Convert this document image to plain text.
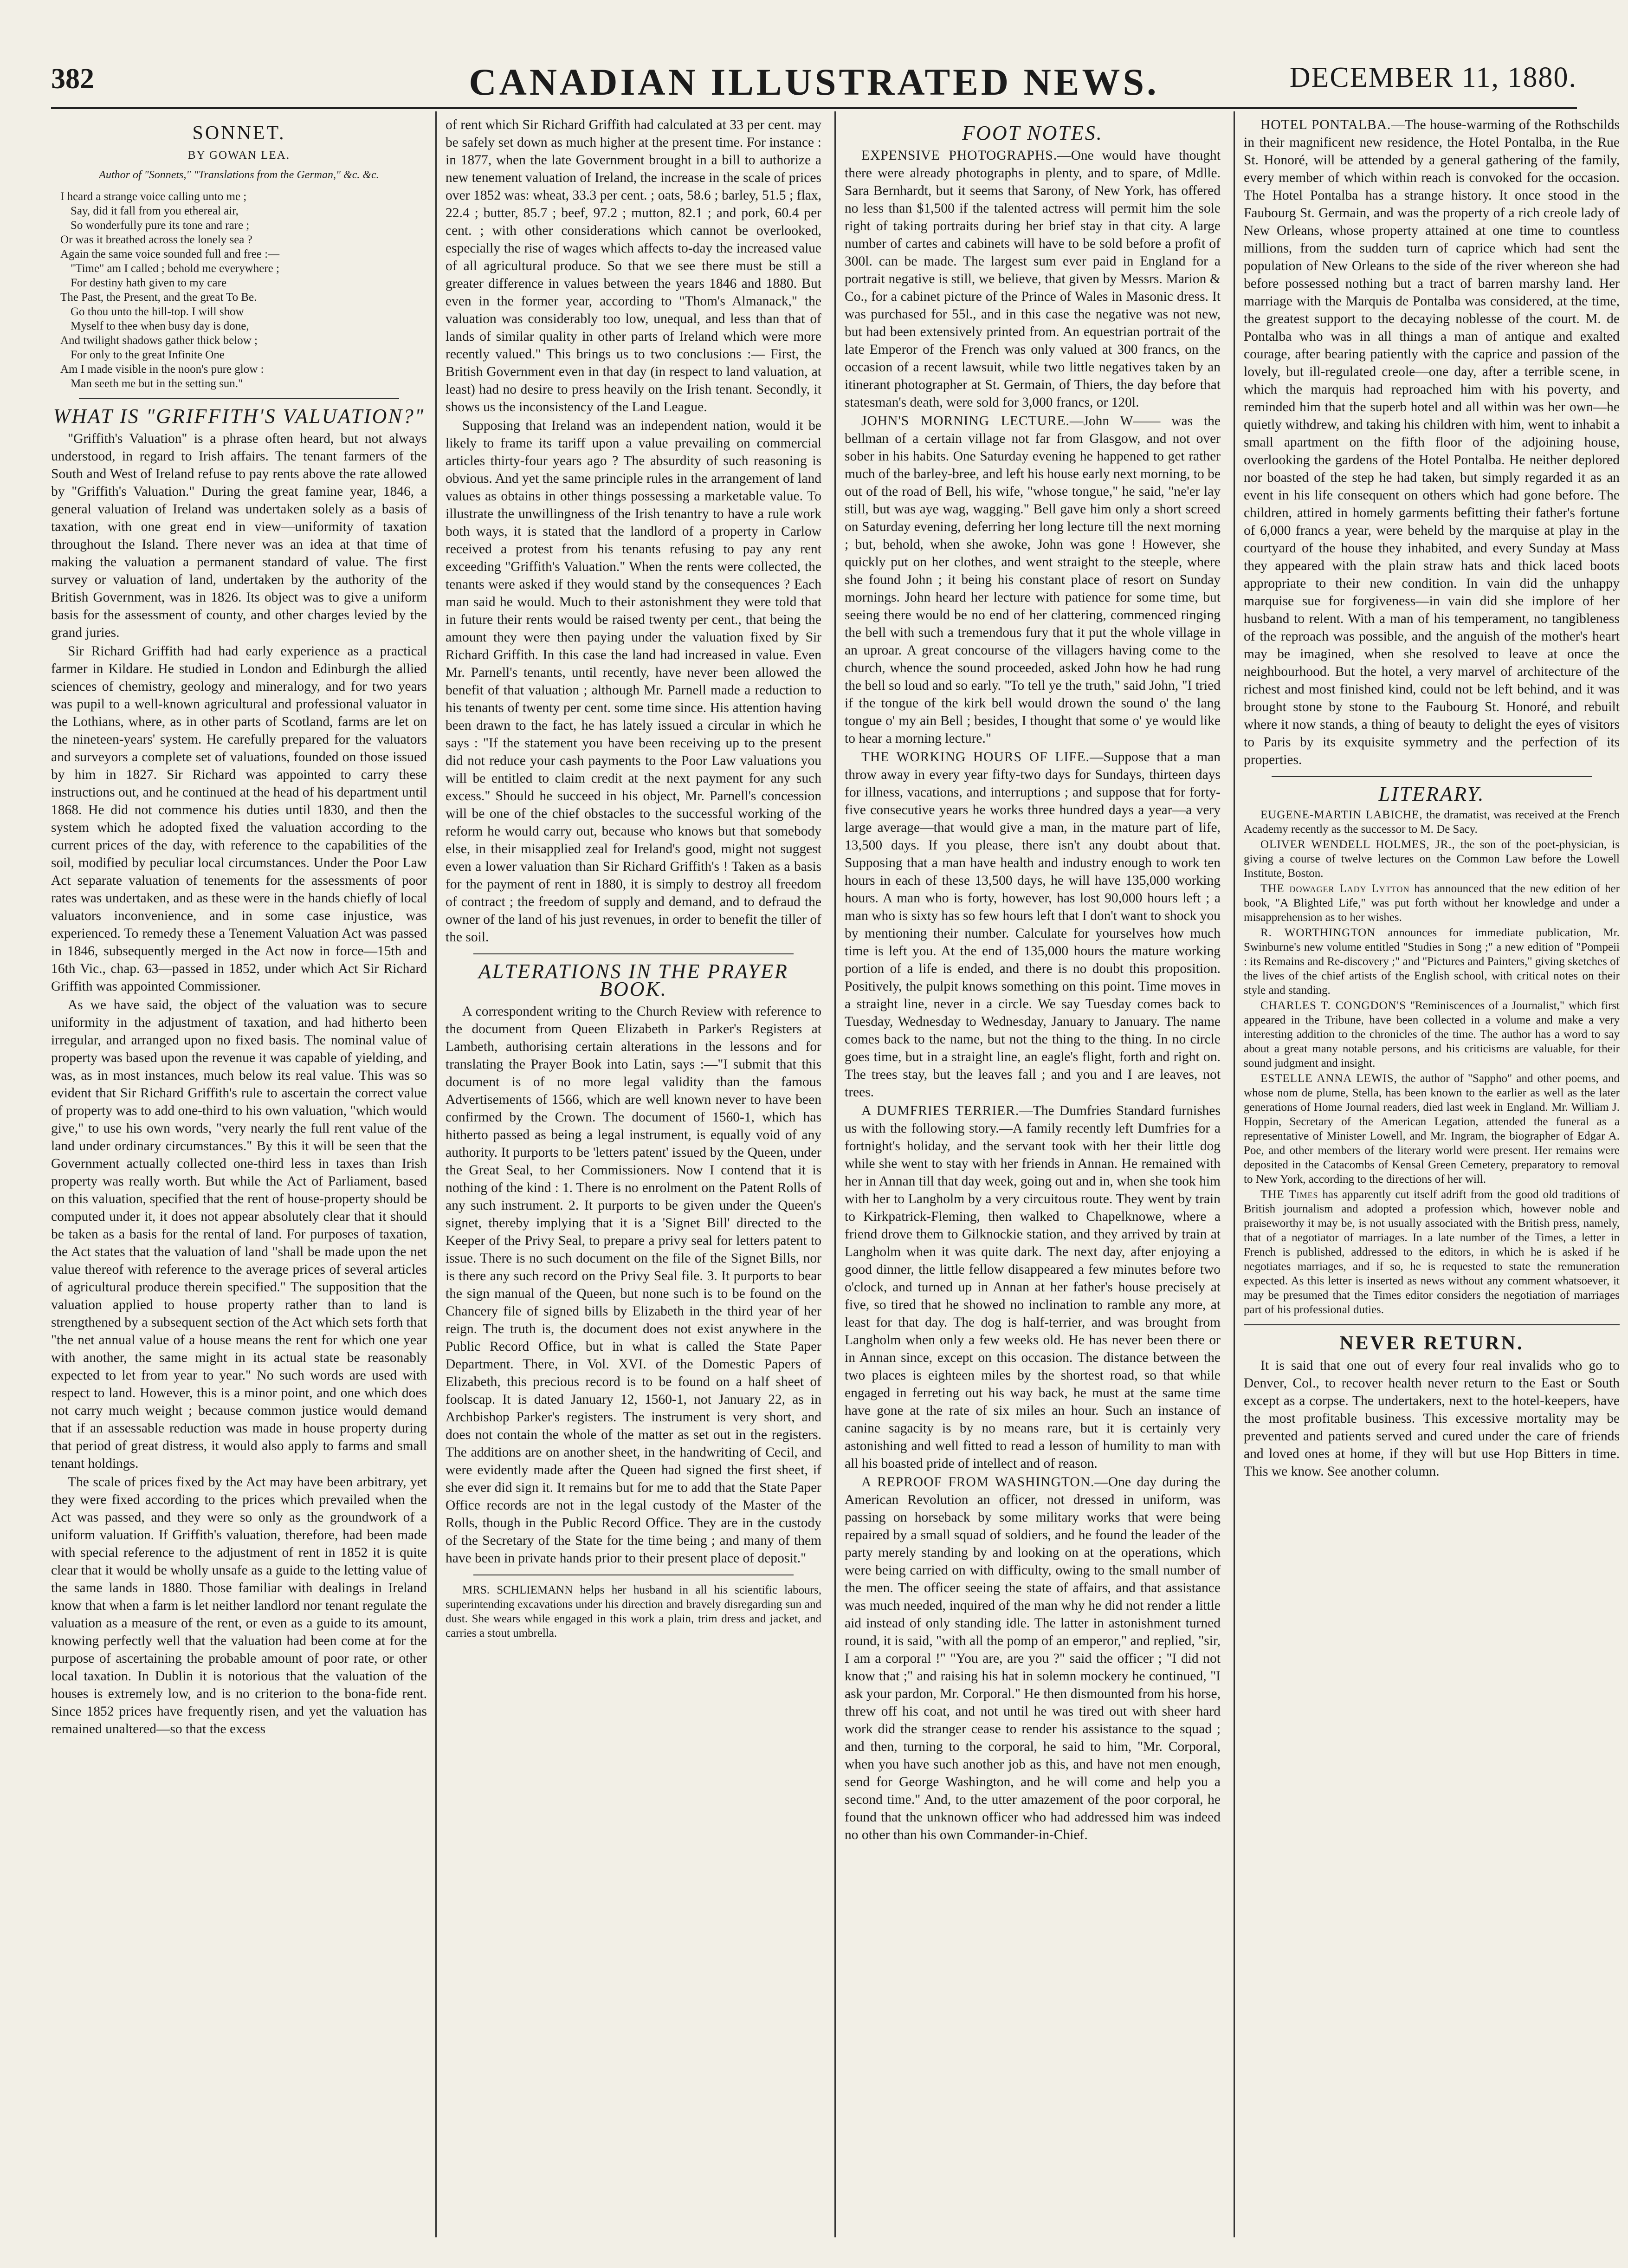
382	CANADIAN ILLUSTRATED NEWS.	DECEMBER 11, 1880.
SONNET.
BY GOWAN LEA.
Author of "Sonnets," "Translations from the German," &c. &c.
I heard a strange voice calling unto me ;
Say, did it fall from you ethereal air,
So wonderfully pure its tone and rare ;
Or was it breathed across the lonely sea ?
Again the same voice sounded full and free :—
"Time" am I called ; behold me everywhere ;
For destiny hath given to my care
The Past, the Present, and the great To Be.
Go thou unto the hill-top. I will show
Myself to thee when busy day is done,
And twilight shadows gather thick below ;
For only to the great Infinite One
Am I made visible in the noon's pure glow :
Man seeth me but in the setting sun."
WHAT IS "GRIFFITH'S VALUATION?"

"Griffith's Valuation" is a phrase often heard, but not always understood, in regard to Irish affairs. The tenant farmers of the South and West of Ireland refuse to pay rents above the rate allowed by "Griffith's Valuation." During the great famine year, 1846, a general valuation of Ireland was undertaken solely as a basis of taxation, with one great end in view—uniformity of taxation throughout the Island. There never was an idea at that time of making the valuation a permanent standard of value. The first survey or valuation of land, undertaken by the authority of the British Government, was in 1826. Its object was to give a uniform basis for the assessment of county, and other charges levied by the grand juries.

Sir Richard Griffith had had early experience as a practical farmer in Kildare. He studied in London and Edinburgh the allied sciences of chemistry, geology and mineralogy, and for two years was pupil to a well-known agricultural and professional valuator in the Lothians, where, as in other parts of Scotland, farms are let on the nineteen-years' system. He carefully prepared for the valuators and surveyors a complete set of valuations, founded on those issued by him in 1827. Sir Richard was appointed to carry these instructions out, and he continued at the head of his department until 1868. He did not commence his duties until 1830, and then the system which he adopted fixed the valuation according to the current prices of the day, with reference to the capabilities of the soil, modified by peculiar local circumstances. Under the Poor Law Act separate valuation of tenements for the assessments of poor rates was undertaken, and as these were in the hands chiefly of local valuators inconvenience, and in some case injustice, was experienced. To remedy these a Tenement Valuation Act was passed in 1846, subsequently merged in the Act now in force—15th and 16th Vic., chap. 63—passed in 1852, under which Act Sir Richard Griffith was appointed Commissioner.

As we have said, the object of the valuation was to secure uniformity in the adjustment of taxation, and had hitherto been irregular, and arranged upon no fixed basis. The nominal value of property was based upon the revenue it was capable of yielding, and was, as in most instances, much below its real value. This was so evident that Sir Richard Griffith's rule to ascertain the correct value of property was to add one-third to his own valuation, "which would give," to use his own words, "very nearly the full rent value of the land under ordinary circumstances." By this it will be seen that the Government actually collected one-third less in taxes than Irish property was really worth. But while the Act of Parliament, based on this valuation, specified that the rent of house-property should be computed under it, it does not appear absolutely clear that it should be taken as a basis for the rental of land. For purposes of taxation, the Act states that the valuation of land "shall be made upon the net value thereof with reference to the average prices of several articles of agricultural produce therein specified." The supposition that the valuation applied to house property rather than to land is strengthened by a subsequent section of the Act which sets forth that "the net annual value of a house means the rent for which one year with another, the same might in its actual state be reasonably expected to let from year to year." No such words are used with respect to land. However, this is a minor point, and one which does not carry much weight ; because common justice would demand that if an assessable reduction was made in house property during that period of great distress, it would also apply to farms and small tenant holdings.

The scale of prices fixed by the Act may have been arbitrary, yet they were fixed according to the prices which prevailed when the Act was passed, and they were so only as the groundwork of a uniform valuation. If Griffith's valuation, therefore, had been made with special reference to the adjustment of rent in 1852 it is quite clear that it would be wholly unsafe as a guide to the letting value of the same lands in 1880. Those familiar with dealings in Ireland know that when a farm is let neither landlord nor tenant regulate the valuation as a measure of the rent, or even as a guide to its amount, knowing perfectly well that the valuation had been come at for the purpose of ascertaining the probable amount of poor rate, or other local taxation. In Dublin it is notorious that the valuation of the houses is extremely low, and is no criterion to the bona-fide rent. Since 1852 prices have frequently risen, and yet the valuation has remained unaltered—so that the excess

of rent which Sir Richard Griffith had calculated at 33 per cent. may be safely set down as much higher at the present time. For instance : in 1877, when the late Government brought in a bill to authorize a new tenement valuation of Ireland, the increase in the scale of prices over 1852 was: wheat, 33.3 per cent. ; oats, 58.6 ; barley, 51.5 ; flax, 22.4 ; butter, 85.7 ; beef, 97.2 ; mutton, 82.1 ; and pork, 60.4 per cent. ; with other considerations which cannot be overlooked, especially the rise of wages which affects to-day the increased value of all agricultural produce. So that we see there must be still a greater difference in values between the years 1846 and 1880. But even in the former year, according to "Thom's Almanack," the valuation was considerably too low, unequal, and less than that of lands of similar quality in other parts of Ireland which were more recently valued." This brings us to two conclusions :— First, the British Government even in that day (in respect to land valuation, at least) had no desire to press heavily on the Irish tenant. Secondly, it shows us the inconsistency of the Land League.

Supposing that Ireland was an independent nation, would it be likely to frame its tariff upon a value prevailing on commercial articles thirty-four years ago ? The absurdity of such reasoning is obvious. And yet the same principle rules in the arrangement of land values as obtains in other things possessing a marketable value. To illustrate the unwillingness of the Irish tenantry to have a rule work both ways, it is stated that the landlord of a property in Carlow received a protest from his tenants refusing to pay any rent exceeding "Griffith's Valuation." When the rents were collected, the tenants were asked if they would stand by the consequences ? Each man said he would. Much to their astonishment they were told that in future their rents would be raised twenty per cent., that being the amount they were then paying under the valuation fixed by Sir Richard Griffith. In this case the land had increased in value. Even Mr. Parnell's tenants, until recently, have never been allowed the benefit of that valuation ; although Mr. Parnell made a reduction to his tenants of twenty per cent. some time since. His attention having been drawn to the fact, he has lately issued a circular in which he says : "If the statement you have been receiving up to the present did not reduce your cash payments to the Poor Law valuations you will be entitled to claim credit at the next payment for any such excess." Should he succeed in his object, Mr. Parnell's concession will be one of the chief obstacles to the successful working of the reform he would carry out, because who knows but that somebody else, in their misapplied zeal for Ireland's good, might not suggest even a lower valuation than Sir Richard Griffith's ! Taken as a basis for the payment of rent in 1880, it is simply to destroy all freedom of contract ; the freedom of supply and demand, and to defraud the owner of the land of his just revenues, in order to benefit the tiller of the soil.

ALTERATIONS IN THE PRAYER BOOK.

A correspondent writing to the Church Review with reference to the document from Queen Elizabeth in Parker's Registers at Lambeth, authorising certain alterations in the lessons and for translating the Prayer Book into Latin, says :—"I submit that this document is of no more legal validity than the famous Advertisements of 1566, which are well known never to have been confirmed by the Crown. The document of 1560-1, which has hitherto passed as being a legal instrument, is equally void of any authority. It purports to be 'letters patent' issued by the Queen, under the Great Seal, to her Commissioners. Now I contend that it is nothing of the kind : 1. There is no enrolment on the Patent Rolls of any such instrument. 2. It purports to be given under the Queen's signet, thereby implying that it is a 'Signet Bill' directed to the Keeper of the Privy Seal, to prepare a privy seal for letters patent to issue. There is no such document on the file of the Signet Bills, nor is there any such record on the Privy Seal file. 3. It purports to bear the sign manual of the Queen, but none such is to be found on the Chancery file of signed bills by Elizabeth in the third year of her reign. The truth is, the document does not exist anywhere in the Public Record Office, but in what is called the State Paper Department. There, in Vol. XVI. of the Domestic Papers of Elizabeth, this precious record is to be found on a half sheet of foolscap. It is dated January 12, 1560-1, not January 22, as in Archbishop Parker's registers. The instrument is very short, and does not contain the whole of the matter as set out in the registers. The additions are on another sheet, in the handwriting of Cecil, and were evidently made after the Queen had signed the first sheet, if she ever did sign it. It remains but for me to add that the State Paper Office records are not in the legal custody of the Master of the Rolls, though in the Public Record Office. They are in the custody of the Secretary of the State for the time being ; and many of them have been in private hands prior to their present place of deposit."

MRS. SCHLIEMANN helps her husband in all his scientific labours, superintending excavations under his direction and bravely disregarding sun and dust. She wears while engaged in this work a plain, trim dress and jacket, and carries a stout umbrella.

FOOT NOTES.

EXPENSIVE PHOTOGRAPHS.—One would have thought there were already photographs in plenty, and to spare, of Mdlle. Sara Bernhardt, but it seems that Sarony, of New York, has offered no less than $1,500 if the talented actress will permit him the sole right of taking portraits during her brief stay in that city. A large number of cartes and cabinets will have to be sold before a profit of 300l. can be made. The largest sum ever paid in England for a portrait negative is still, we believe, that given by Messrs. Marion & Co., for a cabinet picture of the Prince of Wales in Masonic dress. It was purchased for 55l., and in this case the negative was not new, but had been extensively printed from. An equestrian portrait of the late Emperor of the French was only valued at 300 francs, on the occasion of a recent lawsuit, while two little negatives taken by an itinerant photographer at St. Germain, of Thiers, the day before that statesman's death, were sold for 3,000 francs, or 120l.

JOHN'S MORNING LECTURE.—John W—— was the bellman of a certain village not far from Glasgow, and not over sober in his habits. One Saturday evening he happened to get rather much of the barley-bree, and left his house early next morning, to be out of the road of Bell, his wife, "whose tongue," he said, "ne'er lay still, but was aye wag, wagging." Bell gave him only a short screed on Saturday evening, deferring her long lecture till the next morning ; but, behold, when she awoke, John was gone ! However, she quickly put on her clothes, and went straight to the steeple, where she found John ; it being his constant place of resort on Sunday mornings. John heard her lecture with patience for some time, but seeing there would be no end of her clattering, commenced ringing the bell with such a tremendous fury that it put the whole village in an uproar. A great concourse of the villagers having come to the church, whence the sound proceeded, asked John how he had rung the bell so loud and so early. "To tell ye the truth," said John, "I tried if the tongue of the kirk bell would drown the sound o' the lang tongue o' my ain Bell ; besides, I thought that some o' ye would like to hear a morning lecture."

THE WORKING HOURS OF LIFE.—Suppose that a man throw away in every year fifty-two days for Sundays, thirteen days for illness, vacations, and interruptions ; and suppose that for forty-five consecutive years he works three hundred days a year—a very large average—that would give a man, in the mature part of life, 13,500 days. If you please, there isn't any doubt about that. Supposing that a man have health and industry enough to work ten hours in each of these 13,500 days, he will have 135,000 working hours. A man who is forty, however, has lost 90,000 hours left ; a man who is sixty has so few hours left that I don't want to shock you by mentioning their number. Calculate for yourselves how much time is left you. At the end of 135,000 hours the mature working portion of a life is ended, and there is no doubt this proposition. Positively, the pulpit knows something on this point. Time moves in a straight line, never in a circle. We say Tuesday comes back to Tuesday, Wednesday to Wednesday, January to January. The name comes back to the name, but not the thing to the thing. In no circle goes time, but in a straight line, an eagle's flight, forth and right on. The trees stay, but the leaves fall ; and you and I are leaves, not trees.

A DUMFRIES TERRIER.—The Dumfries Standard furnishes us with the following story.—A family recently left Dumfries for a fortnight's holiday, and the servant took with her their little dog while she went to stay with her friends in Annan. He remained with her in Annan till that day week, going out and in, when she took him with her to Langholm by a very circuitous route. They went by train to Kirkpatrick-Fleming, then walked to Chapelknowe, where a friend drove them to Gilknockie station, and they arrived by train at Langholm when it was quite dark. The next day, after enjoying a good dinner, the little fellow disappeared a few minutes before two o'clock, and turned up in Annan at her father's house precisely at five, so tired that he showed no inclination to ramble any more, at least for that day. The dog is half-terrier, and was brought from Langholm when only a few weeks old. He has never been there or in Annan since, except on this occasion. The distance between the two places is eighteen miles by the shortest road, so that while engaged in ferreting out his way back, he must at the same time have gone at the rate of six miles an hour. Such an instance of canine sagacity is by no means rare, but it is certainly very astonishing and well fitted to read a lesson of humility to man with all his boasted pride of intellect and of reason.

A REPROOF FROM WASHINGTON.—One day during the American Revolution an officer, not dressed in uniform, was passing on horseback by some military works that were being repaired by a small squad of soldiers, and he found the leader of the party merely standing by and looking on at the operations, which were being carried on with difficulty, owing to the small number of the men. The officer seeing the state of affairs, and that assistance was much needed, inquired of the man why he did not render a little aid instead of only standing idle. The latter in astonishment turned round, it is said, "with all the pomp of an emperor," and replied, "sir, I am a corporal !" "You are, are you ?" said the officer ; "I did not know that ;" and raising his hat in solemn mockery he continued, "I ask your pardon, Mr. Corporal." He then dismounted from his horse, threw off his coat, and not until he was tired out with sheer hard work did the stranger cease to render his assistance to the squad ; and then, turning to the corporal, he said to him, "Mr. Corporal, when you have such another job as this, and have not men enough, send for George Washington, and he will come and help you a second time." And, to the utter amazement of the poor corporal, he found that the unknown officer who had addressed him was indeed no other than his own Commander-in-Chief.

HOTEL PONTALBA.—The house-warming of the Rothschilds in their magnificent new residence, the Hotel Pontalba, in the Rue St. Honoré, will be attended by a general gathering of the family, every member of which within reach is convoked for the occasion. The Hotel Pontalba has a strange history. It once stood in the Faubourg St. Germain, and was the property of a rich creole lady of New Orleans, whose property attained at one time to countless millions, from the sudden turn of caprice which had sent the population of New Orleans to the side of the river whereon she had before possessed nothing but a tract of barren marshy land. Her marriage with the Marquis de Pontalba was considered, at the time, the greatest support to the decaying noblesse of the court. M. de Pontalba who was in all things a man of antique and exalted courage, after bearing patiently with the caprice and passion of the lovely, but ill-regulated creole—one day, after a terrible scene, in which the marquis had reproached him with his poverty, and reminded him that the superb hotel and all within was her own—he quietly withdrew, and taking his children with him, went to inhabit a small apartment on the fifth floor of the adjoining house, overlooking the gardens of the Hotel Pontalba. He neither deplored nor boasted of the step he had taken, but simply regarded it as an event in his life consequent on others which had gone before. The children, attired in homely garments befitting their father's fortune of 6,000 francs a year, were beheld by the marquise at play in the courtyard of the house they inhabited, and every Sunday at Mass they appeared with the plain straw hats and thick laced boots appropriate to their new condition. In vain did the unhappy marquise sue for forgiveness—in vain did she implore of her husband to relent. With a man of his temperament, no tangibleness of the reproach was possible, and the anguish of the mother's heart may be imagined, when she resolved to leave at once the neighbourhood. But the hotel, a very marvel of architecture of the richest and most finished kind, could not be left behind, and it was brought stone by stone to the Faubourg St. Honoré, and rebuilt where it now stands, a thing of beauty to delight the eyes of visitors to Paris by its exquisite symmetry and the perfection of its properties.

LITERARY.

EUGENE-MARTIN LABICHE, the dramatist, was received at the French Academy recently as the successor to M. De Sacy.

OLIVER WENDELL HOLMES, JR., the son of the poet-physician, is giving a course of twelve lectures on the Common Law before the Lowell Institute, Boston.

THE dowager Lady Lytton has announced that the new edition of her book, "A Blighted Life," was put forth without her knowledge and under a misapprehension as to her wishes.

R. WORTHINGTON announces for immediate publication, Mr. Swinburne's new volume entitled "Studies in Song ;" a new edition of "Pompeii : its Remains and Re-discovery ;" and "Pictures and Painters," giving sketches of the lives of the chief artists of the English school, with critical notes on their style and standing.

CHARLES T. CONGDON'S "Reminiscences of a Journalist," which first appeared in the Tribune, have been collected in a volume and make a very interesting addition to the chronicles of the time. The author has a word to say about a great many notable persons, and his criticisms are valuable, for their sound judgment and insight.

ESTELLE ANNA LEWIS, the author of "Sappho" and other poems, and whose nom de plume, Stella, has been known to the earlier as well as the later generations of Home Journal readers, died last week in England. Mr. William J. Hoppin, Secretary of the American Legation, attended the funeral as a representative of Minister Lowell, and Mr. Ingram, the biographer of Edgar A. Poe, and other members of the literary world were present. Her remains were deposited in the Catacombs of Kensal Green Cemetery, preparatory to removal to New York, according to the directions of her will.

THE Times has apparently cut itself adrift from the good old traditions of British journalism and adopted a profession which, however noble and praiseworthy it may be, is not usually associated with the British press, namely, that of a negotiator of marriages. In a late number of the Times, a letter in French is published, addressed to the editors, in which he is asked if he negotiates marriages, and if so, he is requested to state the remuneration expected. As this letter is inserted as news without any comment whatsoever, it may be presumed that the Times editor considers the negotiation of marriages part of his professional duties.

NEVER RETURN.

It is said that one out of every four real invalids who go to Denver, Col., to recover health never return to the East or South except as a corpse. The undertakers, next to the hotel-keepers, have the most profitable business. This excessive mortality may be prevented and patients served and cured under the care of friends and loved ones at home, if they will but use Hop Bitters in time. This we know. See another column.
